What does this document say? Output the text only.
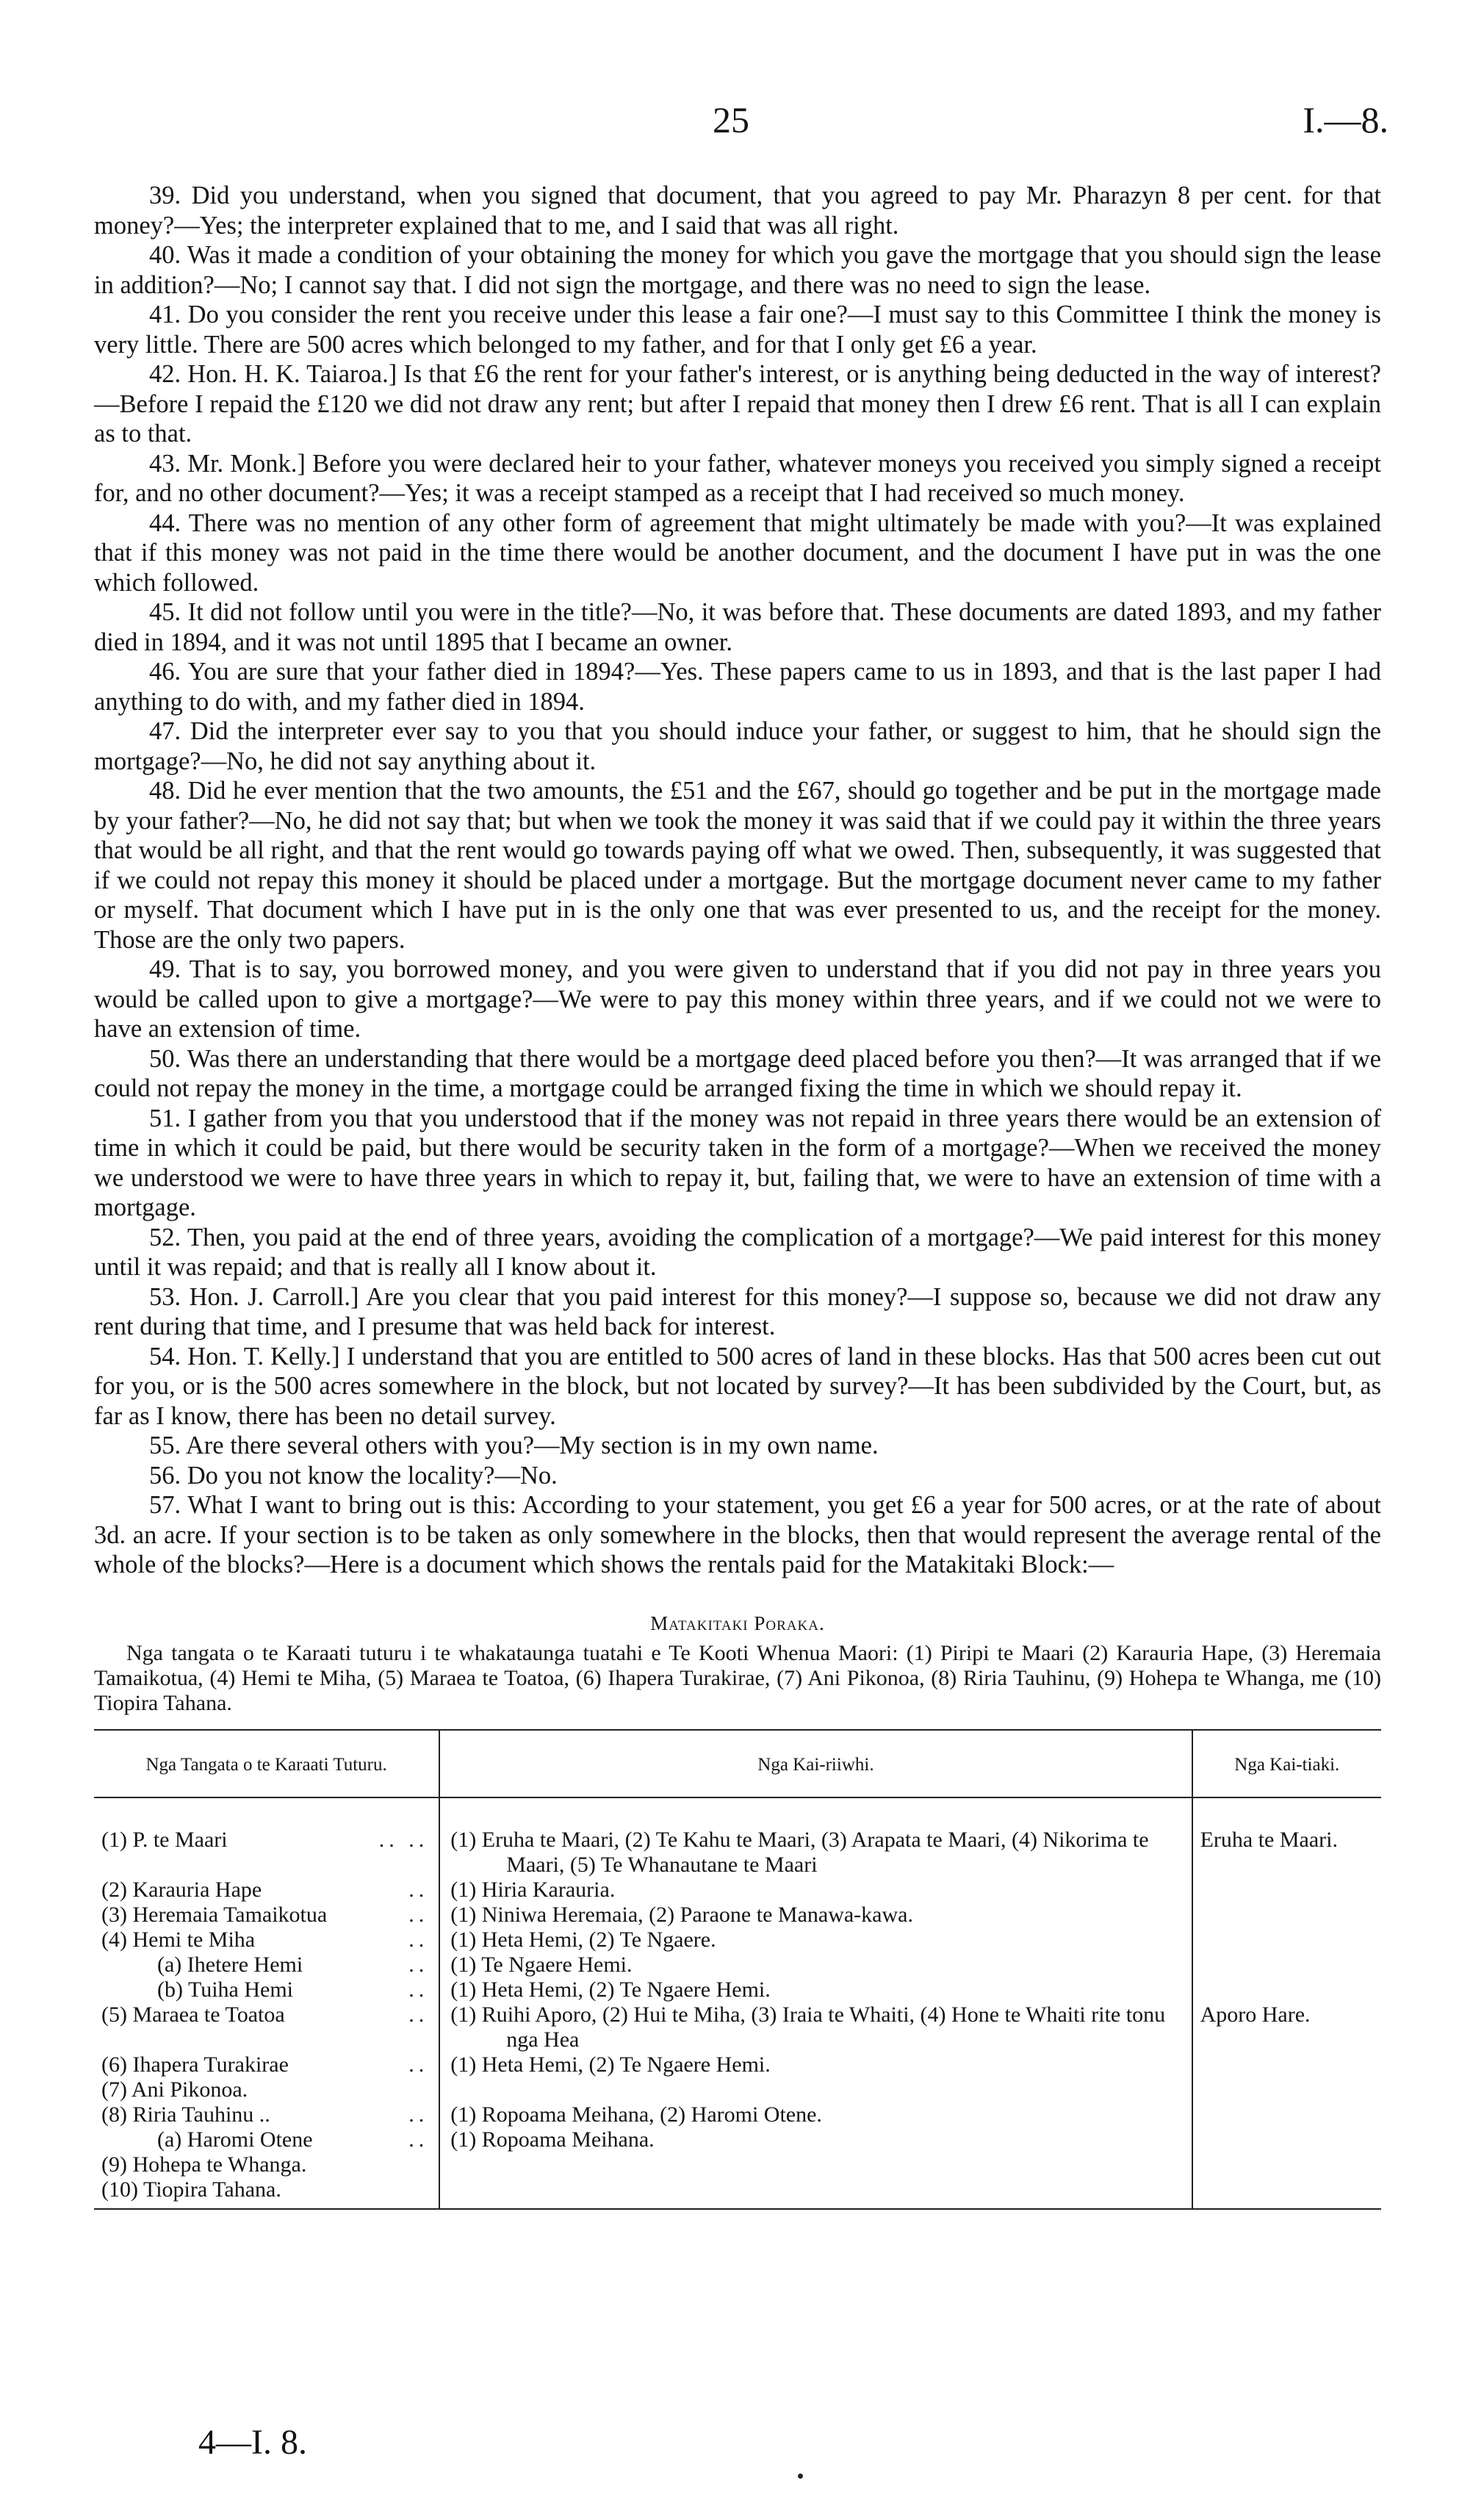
25	I.—8.

39. Did you understand, when you signed that document, that you agreed to pay Mr. Pharazyn 8 per cent. for that money?—Yes; the interpreter explained that to me, and I said that was all right.

40. Was it made a condition of your obtaining the money for which you gave the mortgage that you should sign the lease in addition?—No; I cannot say that. I did not sign the mortgage, and there was no need to sign the lease.

41. Do you consider the rent you receive under this lease a fair one?—I must say to this Committee I think the money is very little. There are 500 acres which belonged to my father, and for that I only get £6 a year.

42. Hon. H. K. Taiaroa.] Is that £6 the rent for your father's interest, or is anything being deducted in the way of interest?—Before I repaid the £120 we did not draw any rent; but after I repaid that money then I drew £6 rent. That is all I can explain as to that.

43. Mr. Monk.] Before you were declared heir to your father, whatever moneys you received you simply signed a receipt for, and no other document?—Yes; it was a receipt stamped as a receipt that I had received so much money.

44. There was no mention of any other form of agreement that might ultimately be made with you?—It was explained that if this money was not paid in the time there would be another document, and the document I have put in was the one which followed.

45. It did not follow until you were in the title?—No, it was before that. These documents are dated 1893, and my father died in 1894, and it was not until 1895 that I became an owner.

46. You are sure that your father died in 1894?—Yes. These papers came to us in 1893, and that is the last paper I had anything to do with, and my father died in 1894.

47. Did the interpreter ever say to you that you should induce your father, or suggest to him, that he should sign the mortgage?—No, he did not say anything about it.

48. Did he ever mention that the two amounts, the £51 and the £67, should go together and be put in the mortgage made by your father?—No, he did not say that; but when we took the money it was said that if we could pay it within the three years that would be all right, and that the rent would go towards paying off what we owed. Then, subsequently, it was suggested that if we could not repay this money it should be placed under a mortgage. But the mortgage document never came to my father or myself. That document which I have put in is the only one that was ever presented to us, and the receipt for the money. Those are the only two papers.

49. That is to say, you borrowed money, and you were given to understand that if you did not pay in three years you would be called upon to give a mortgage?—We were to pay this money within three years, and if we could not we were to have an extension of time.

50. Was there an understanding that there would be a mortgage deed placed before you then?—It was arranged that if we could not repay the money in the time, a mortgage could be arranged fixing the time in which we should repay it.

51. I gather from you that you understood that if the money was not repaid in three years there would be an extension of time in which it could be paid, but there would be security taken in the form of a mortgage?—When we received the money we understood we were to have three years in which to repay it, but, failing that, we were to have an extension of time with a mortgage.

52. Then, you paid at the end of three years, avoiding the complication of a mortgage?—We paid interest for this money until it was repaid; and that is really all I know about it.

53. Hon. J. Carroll.] Are you clear that you paid interest for this money?—I suppose so, because we did not draw any rent during that time, and I presume that was held back for interest.

54. Hon. T. Kelly.] I understand that you are entitled to 500 acres of land in these blocks. Has that 500 acres been cut out for you, or is the 500 acres somewhere in the block, but not located by survey?—It has been subdivided by the Court, but, as far as I know, there has been no detail survey.

55. Are there several others with you?—My section is in my own name.

56. Do you not know the locality?—No.

57. What I want to bring out is this: According to your statement, you get £6 a year for 500 acres, or at the rate of about 3d. an acre. If your section is to be taken as only somewhere in the blocks, then that would represent the average rental of the whole of the blocks?—Here is a document which shows the rentals paid for the Matakitaki Block:—

Matakitaki Poraka.

Nga tangata o te Karaati tuturu i te whakataunga tuatahi e Te Kooti Whenua Maori: (1) Piripi te Maari (2) Karauria Hape, (3) Heremaia Tamaikotua, (4) Hemi te Miha, (5) Maraea te Toatoa, (6) Ihapera Turakirae, (7) Ani Pikonoa, (8) Riria Tauhinu, (9) Hohepa te Whanga, me (10) Tiopira Tahana.

Nga Tangata o te Karaati Tuturu.	Nga Kai-riiwhi.	Nga Kai-tiaki.

(1) P. te Maari .. ..	(1) Eruha te Maari, (2) Te Kahu te Maari, (3) Arapata te Maari, (4) Nikorima te Maari, (5) Te Whanautane te Maari	Eruha te Maari.

(2) Karauria Hape ..	(1) Hiria Karauria.	

(3) Heremaia Tamaikotua ..	(1) Niniwa Heremaia, (2) Paraone te Manawa-kawa.	

(4) Hemi te Miha ..	(1) Heta Hemi, (2) Te Ngaere.	

(a) Ihetere Hemi ..	(1) Te Ngaere Hemi.	

(b) Tuiha Hemi ..	(1) Heta Hemi, (2) Te Ngaere Hemi.	

(5) Maraea te Toatoa ..	(1) Ruihi Aporo, (2) Hui te Miha, (3) Iraia te Whaiti, (4) Hone te Whaiti rite tonu nga Hea	Aporo Hare.

(6) Ihapera Turakirae ..	(1) Heta Hemi, (2) Te Ngaere Hemi.	

(7) Ani Pikonoa.		

(8) Riria Tauhinu .. ..	(1) Ropoama Meihana, (2) Haromi Otene.	

(a) Haromi Otene ..	(1) Ropoama Meihana.	

(9) Hohepa te Whanga.		

(10) Tiopira Tahana.		

4—I. 8.
